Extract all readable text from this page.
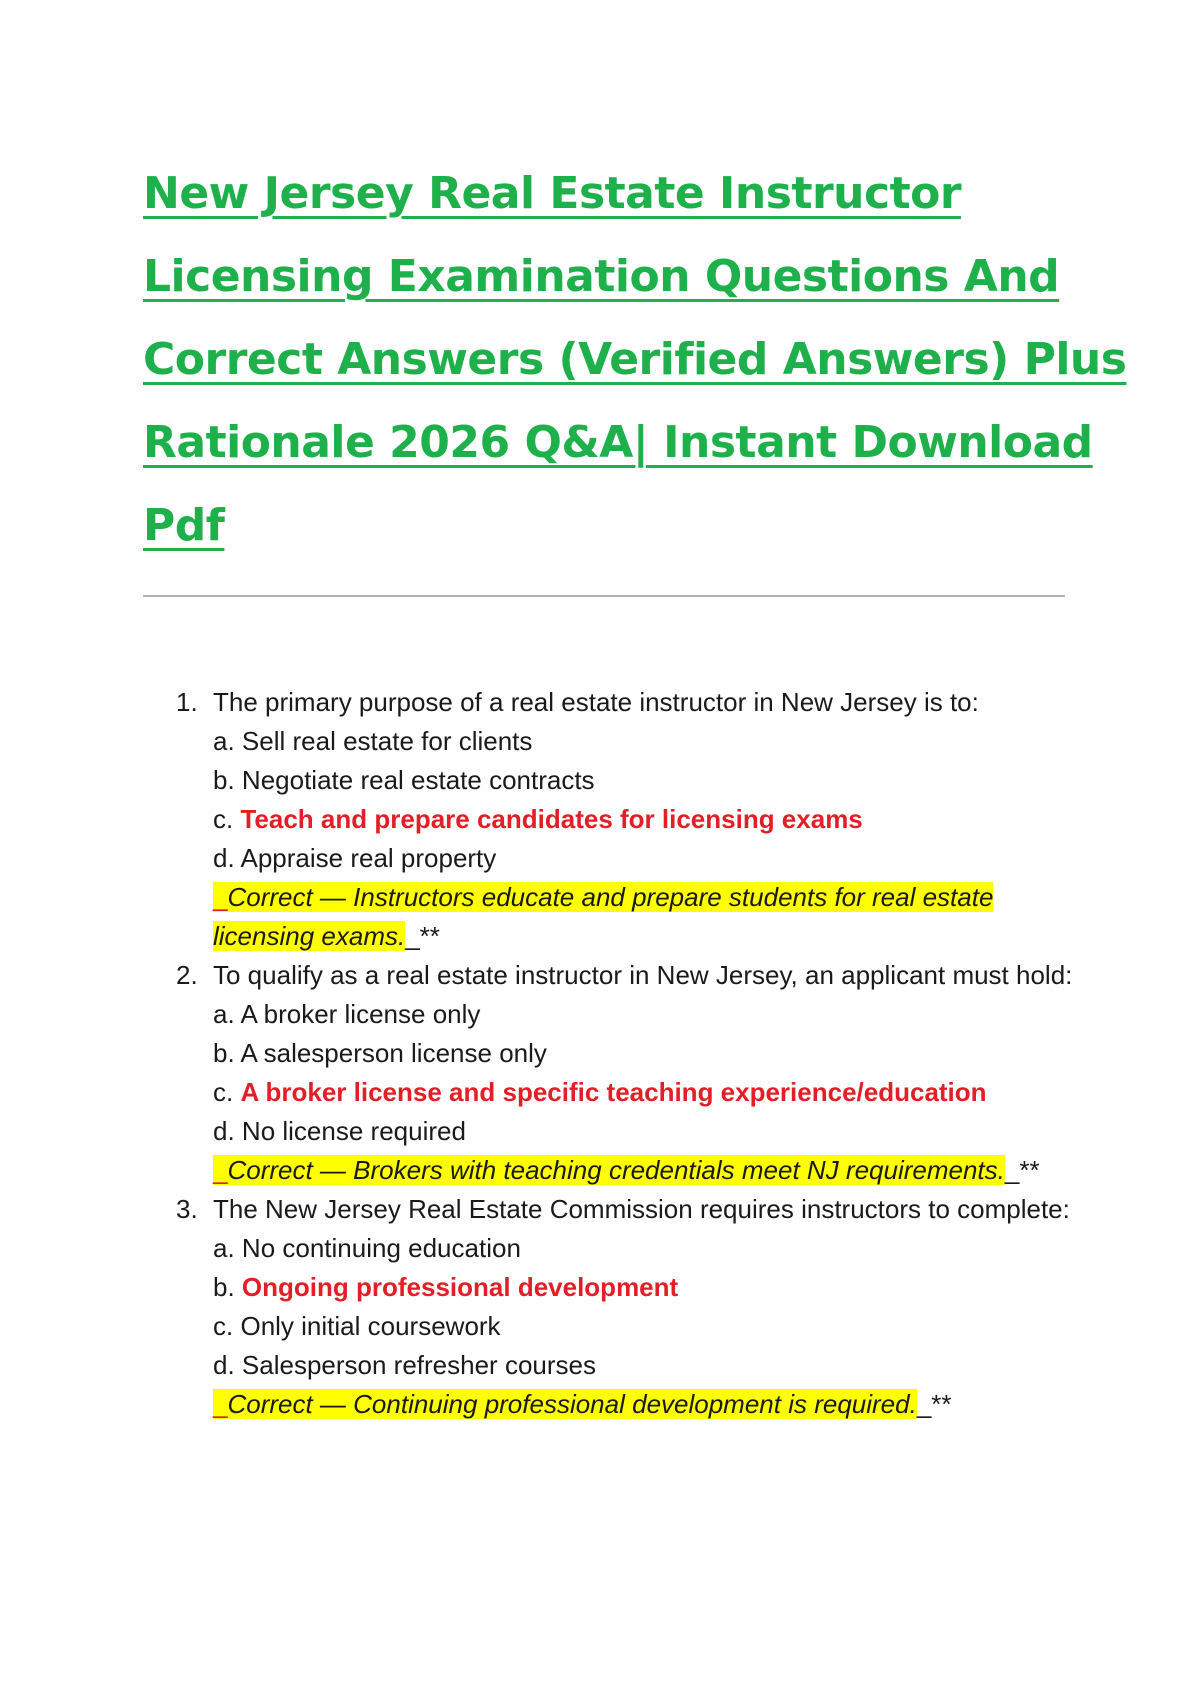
New Jersey Real Estate Instructor
Licensing Examination Questions And
Correct Answers (Verified Answers) Plus
Rationale 2026 Q&A| Instant Download
Pdf
1. The primary purpose of a real estate instructor in New Jersey is to:
a. Sell real estate for clients
b. Negotiate real estate contracts
c. Teach and prepare candidates for licensing exams
d. Appraise real property
_Correct — Instructors educate and prepare students for real estate licensing exams._**
2. To qualify as a real estate instructor in New Jersey, an applicant must hold:
a. A broker license only
b. A salesperson license only
c. A broker license and specific teaching experience/education
d. No license required
_Correct — Brokers with teaching credentials meet NJ requirements._**
3. The New Jersey Real Estate Commission requires instructors to complete:
a. No continuing education
b. Ongoing professional development
c. Only initial coursework
d. Salesperson refresher courses
_Correct — Continuing professional development is required._**
